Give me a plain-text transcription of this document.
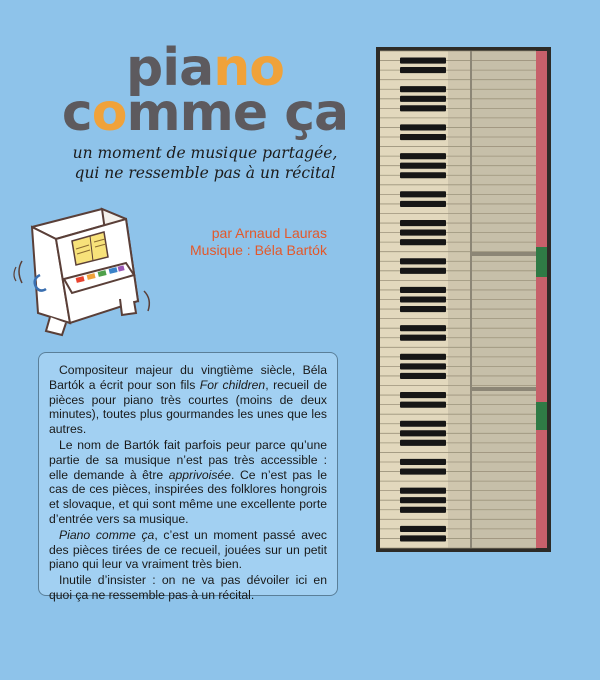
piano
comme ça
un moment de musique partagée,
qui ne ressemble pas à un récital
par Arnaud Lauras
Musique : Béla Bartók

Compositeur majeur du vingtième siècle, Béla Bartók a écrit pour son fils For children, recueil de pièces pour piano très courtes (moins de deux minutes), toutes plus gourmandes les unes que les autres.

Le nom de Bartók fait parfois peur parce qu’une partie de sa musique n’est pas très accessible : elle demande à être apprivoisée. Ce n’est pas le cas de ces pièces, inspirées des folklores hongrois et slovaque, et qui sont même une excellente porte d’entrée vers sa musique.

Piano comme ça, c’est un moment passé avec des pièces tirées de ce recueil, jouées sur un petit piano qui leur va vraiment très bien.

Inutile d’insister : on ne va pas dévoiler ici en quoi ça ne ressemble pas à un récital.
